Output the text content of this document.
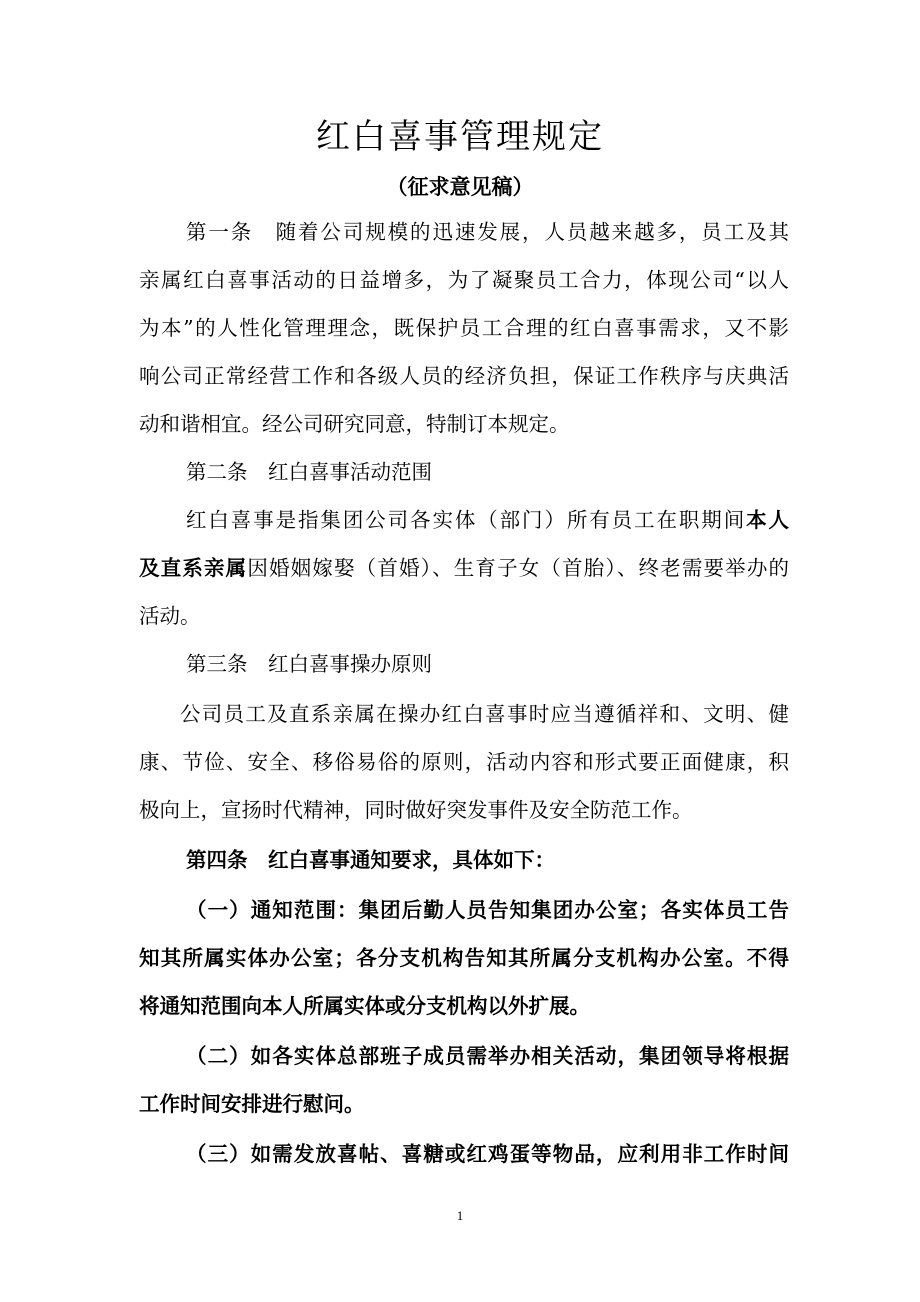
红白喜事管理规定
（征求意见稿）
第一条　随着公司规模的迅速发展，人员越来越多，员工及其
亲属红白喜事活动的日益增多，为了凝聚员工合力，体现公司“以人
为本”的人性化管理理念，既保护员工合理的红白喜事需求，又不影
响公司正常经营工作和各级人员的经济负担，保证工作秩序与庆典活
动和谐相宜。经公司研究同意，特制订本规定。
第二条　红白喜事活动范围
红白喜事是指集团公司各实体（部门）所有员工在职期间本人
及直系亲属因婚姻嫁娶（首婚）、生育子女（首胎）、终老需要举办的
活动。
第三条　红白喜事操办原则
公司员工及直系亲属在操办红白喜事时应当遵循祥和、文明、健
康、节俭、安全、移俗易俗的原则，活动内容和形式要正面健康，积
极向上，宣扬时代精神，同时做好突发事件及安全防范工作。
第四条　红白喜事通知要求，具体如下：
（一）通知范围：集团后勤人员告知集团办公室；各实体员工告
知其所属实体办公室；各分支机构告知其所属分支机构办公室。不得
将通知范围向本人所属实体或分支机构以外扩展。
（二）如各实体总部班子成员需举办相关活动，集团领导将根据
工作时间安排进行慰问。
（三）如需发放喜帖、喜糖或红鸡蛋等物品，应利用非工作时间
1
